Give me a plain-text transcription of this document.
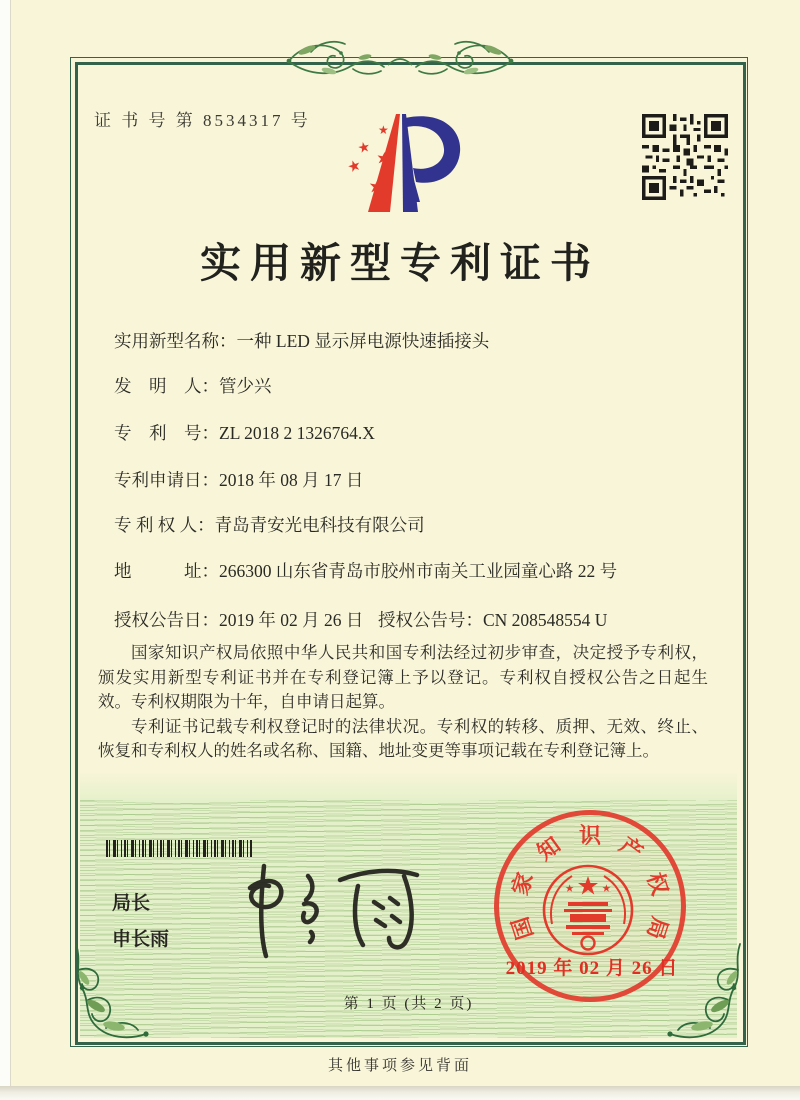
证 书 号 第 8534317 号	★
★ ★
★
★
实用新型专利证书
实用新型名称：一种 LED 显示屏电源快速插接头
发　明　人：管少兴
专　利　号：ZL 2018 2 1326764.X
专利申请日：2018 年 08 月 17 日
专 利 权 人：青岛青安光电科技有限公司
地　　　址：266300 山东省青岛市胶州市南关工业园童心路 22 号
授权公告日：2019 年 02 月 26 日 授权公告号：CN 208548554 U

国家知识产权局依照中华人民共和国专利法经过初步审查，决定授予专利权，颁发实用新型专利证书并在专利登记簿上予以登记。专利权自授权公告之日起生效。专利权期限为十年，自申请日起算。

专利证书记载专利权登记时的法律状况。专利权的转移、质押、无效、终止、恢复和专利权人的姓名或名称、国籍、地址变更等事项记载在专利登记簿上。

局长
申长雨	国
家
知 识 产
权
局
2019 年 02 月 26 日
第 1 页 (共 2 页)
其他事项参见背面
